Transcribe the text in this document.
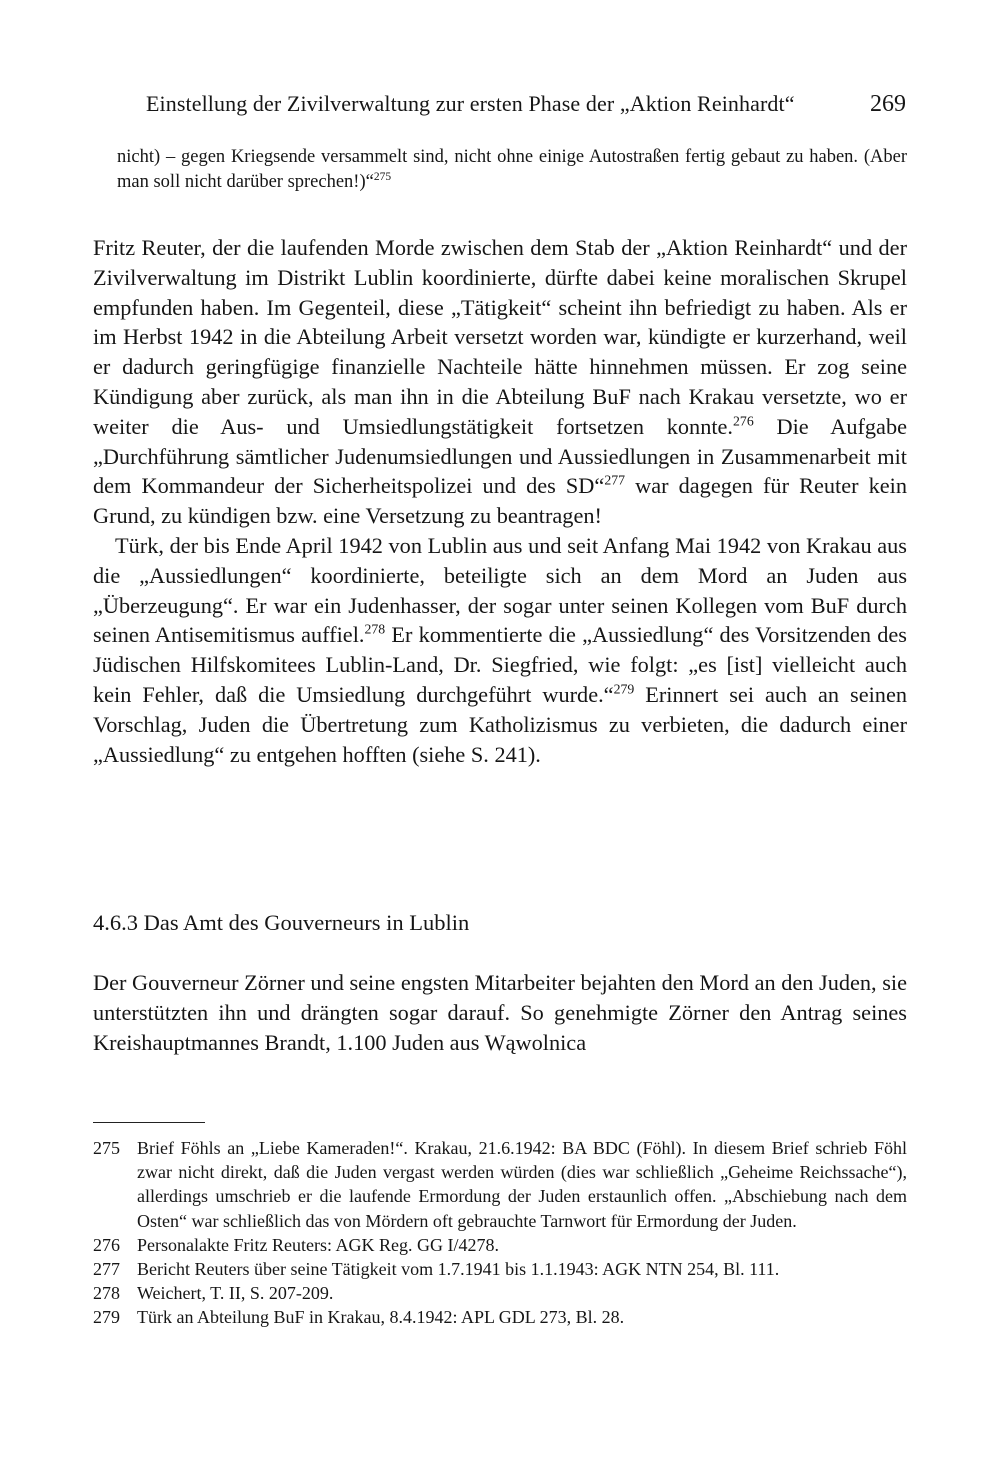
Einstellung der Zivilverwaltung zur ersten Phase der „Aktion Reinhardt“	269

nicht) – gegen Kriegsende versammelt sind, nicht ohne einige Autostraßen fertig gebaut zu haben. (Aber man soll nicht darüber sprechen!)“$^{275}$

Fritz Reuter, der die laufenden Morde zwischen dem Stab der „Aktion Reinhardt“ und der Zivilverwaltung im Distrikt Lublin koordinierte, dürfte dabei keine moralischen Skrupel empfunden haben. Im Gegenteil, diese „Tätigkeit“ scheint ihn befriedigt zu haben. Als er im Herbst 1942 in die Abteilung Arbeit versetzt worden war, kündigte er kurzerhand, weil er dadurch geringfügige finanzielle Nachteile hätte hinnehmen müssen. Er zog seine Kündigung aber zurück, als man ihn in die Abteilung BuF nach Krakau versetzte, wo er weiter die Aus- und Umsiedlungstätigkeit fortsetzen konnte.$^{276}$ Die Aufgabe „Durchführung sämtlicher Judenumsiedlungen und Aussiedlungen in Zusammenarbeit mit dem Kommandeur der Sicherheitspolizei und des SD“$^{277}$ war dagegen für Reuter kein Grund, zu kündigen bzw. eine Versetzung zu beantragen!

Türk, der bis Ende April 1942 von Lublin aus und seit Anfang Mai 1942 von Krakau aus die „Aussiedlungen“ koordinierte, beteiligte sich an dem Mord an Juden aus „Überzeugung“. Er war ein Judenhasser, der sogar unter seinen Kollegen vom BuF durch seinen Antisemitismus auffiel.$^{278}$ Er kommentierte die „Aussiedlung“ des Vorsitzenden des Jüdischen Hilfskomitees Lublin-Land, Dr. Siegfried, wie folgt: „es [ist] vielleicht auch kein Fehler, daß die Umsiedlung durchgeführt wurde.“$^{279}$ Erinnert sei auch an seinen Vorschlag, Juden die Übertretung zum Katholizismus zu verbieten, die dadurch einer „Aussiedlung“ zu entgehen hofften (siehe S. 241).

4.6.3 Das Amt des Gouverneurs in Lublin

Der Gouverneur Zörner und seine engsten Mitarbeiter bejahten den Mord an den Juden, sie unterstützten ihn und drängten sogar darauf. So genehmigte Zörner den Antrag seines Kreishauptmannes Brandt, 1.100 Juden aus Wąwolnica

275 Brief Föhls an „Liebe Kameraden!“. Krakau, 21.6.1942: BA BDC (Föhl). In diesem Brief schrieb Föhl zwar nicht direkt, daß die Juden vergast werden würden (dies war schließlich „Geheime Reichssache“), allerdings umschrieb er die laufende Ermordung der Juden erstaunlich offen. „Abschiebung nach dem Osten“ war schließlich das von Mördern oft gebrauchte Tarnwort für Ermordung der Juden.
276 Personalakte Fritz Reuters: AGK Reg. GG I/4278.
277 Bericht Reuters über seine Tätigkeit vom 1.7.1941 bis 1.1.1943: AGK NTN 254, Bl. 111.
278 Weichert, T. II, S. 207-209.
279 Türk an Abteilung BuF in Krakau, 8.4.1942: APL GDL 273, Bl. 28.
